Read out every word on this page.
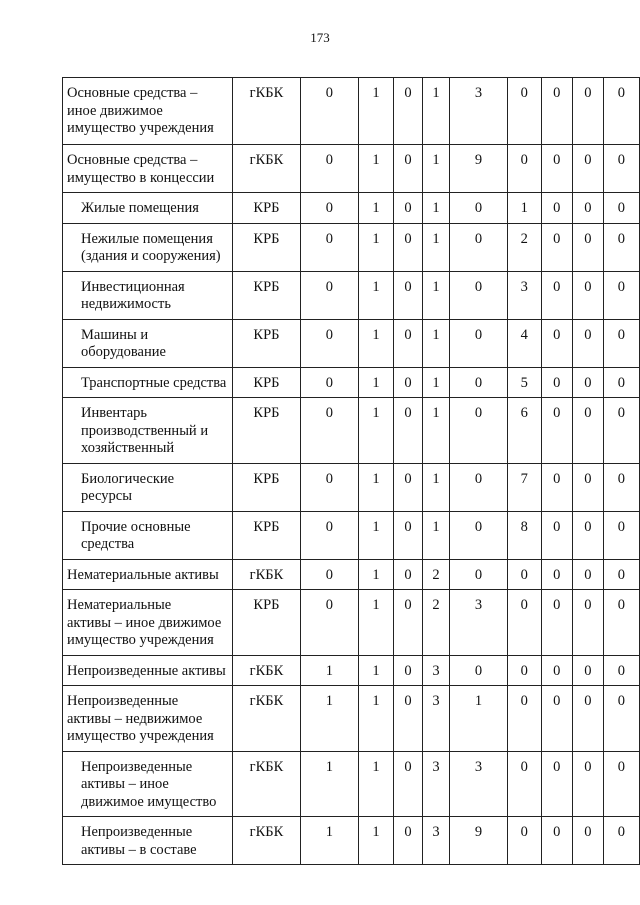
173
Основные средства –
иное движимое
имущество учреждения	гКБК	0	1	0	1	3	0	0	0	0
Основные средства –
имущество в концессии	гКБК	0	1	0	1	9	0	0	0	0
Жилые помещения	КРБ	0	1	0	1	0	1	0	0	0
Нежилые помещения
(здания и сооружения)	КРБ	0	1	0	1	0	2	0	0	0
Инвестиционная
недвижимость	КРБ	0	1	0	1	0	3	0	0	0
Машины и
оборудование	КРБ	0	1	0	1	0	4	0	0	0
Транспортные средства	КРБ	0	1	0	1	0	5	0	0	0
Инвентарь
производственный и
хозяйственный	КРБ	0	1	0	1	0	6	0	0	0
Биологические ресурсы	КРБ	0	1	0	1	0	7	0	0	0
Прочие основные
средства	КРБ	0	1	0	1	0	8	0	0	0
Нематериальные активы	гКБК	0	1	0	2	0	0	0	0	0
Нематериальные
активы – иное движимое
имущество учреждения	КРБ	0	1	0	2	3	0	0	0	0
Непроизведенные активы	гКБК	1	1	0	3	0	0	0	0	0
Непроизведенные
активы – недвижимое
имущество учреждения	гКБК	1	1	0	3	1	0	0	0	0
Непроизведенные
активы – иное
движимое имущество	гКБК	1	1	0	3	3	0	0	0	0
Непроизведенные
активы – в составе	гКБК	1	1	0	3	9	0	0	0	0
